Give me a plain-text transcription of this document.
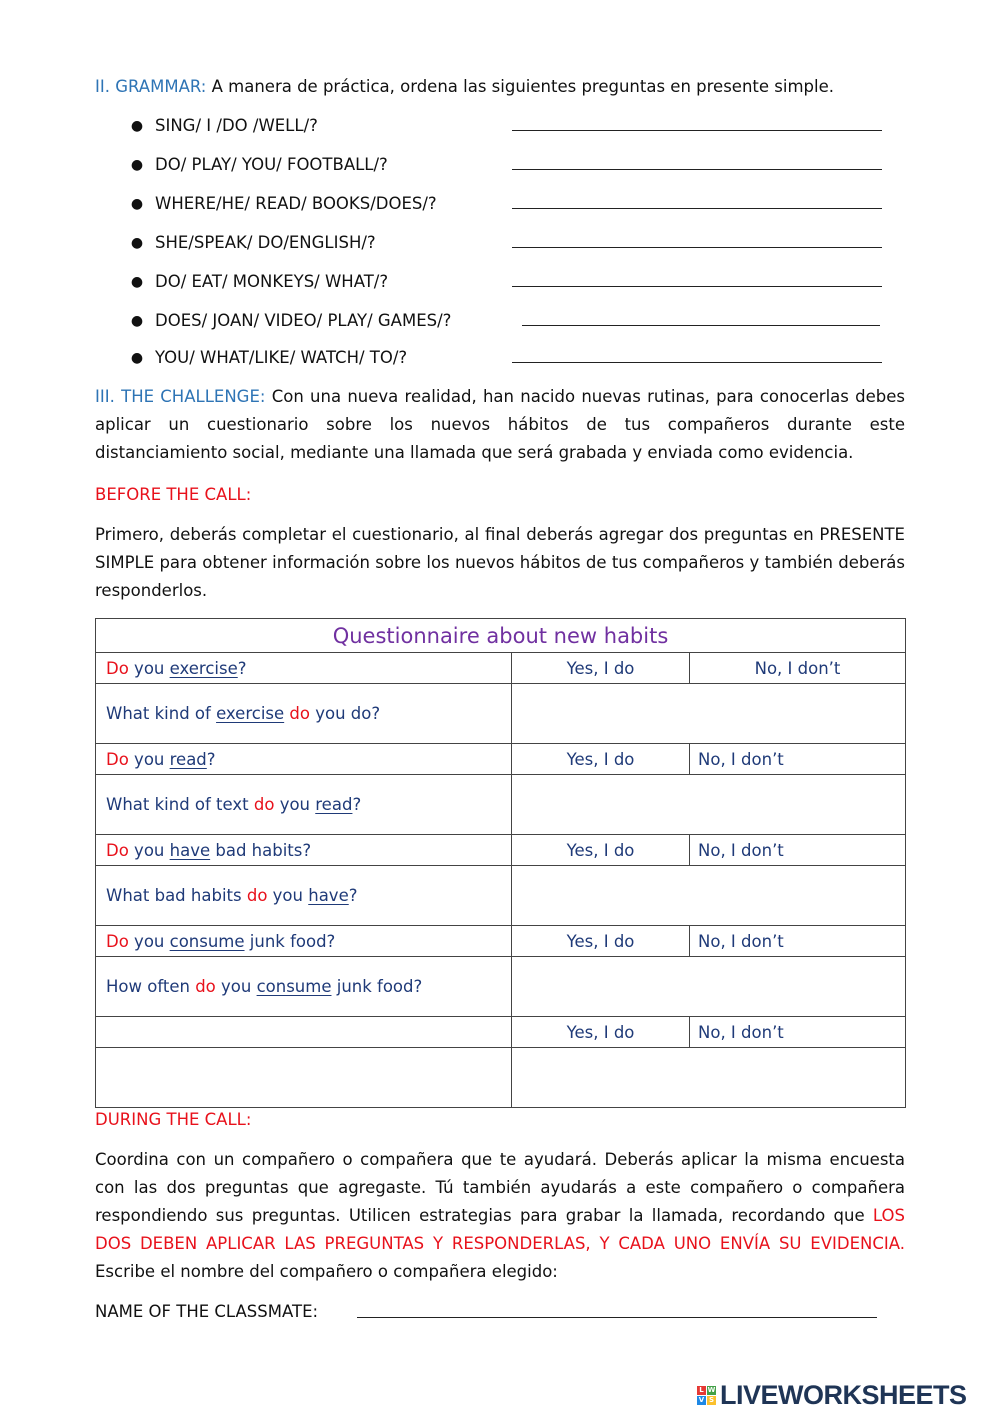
II. GRAMMAR: A manera de práctica, ordena las siguientes preguntas en presente simple.
● SING/ I /DO /WELL/?
● DO/ PLAY/ YOU/ FOOTBALL/?
● WHERE/HE/ READ/ BOOKS/DOES/?
● SHE/SPEAK/ DO/ENGLISH/?
● DO/ EAT/ MONKEYS/ WHAT/?
● DOES/ JOAN/ VIDEO/ PLAY/ GAMES/?
● YOU/ WHAT/LIKE/ WATCH/ TO/?
III. THE CHALLENGE: Con una nueva realidad, han nacido nuevas rutinas, para conocerlas debes aplicar un cuestionario sobre los nuevos hábitos de tus compañeros durante este distanciamiento social, mediante una llamada que será grabada y enviada como evidencia.
BEFORE THE CALL:
Primero, deberás completar el cuestionario, al final deberás agregar dos preguntas en PRESENTE SIMPLE para obtener información sobre los nuevos hábitos de tus compañeros y también deberás responderlos.
Questionnaire about new habits		
Do you exercise?	Yes, I do	No, I don’t
What kind of exercise do you do?		
Do you read?	Yes, I do	No, I don’t
What kind of text do you read?		
Do you have bad habits?	Yes, I do	No, I don’t
What bad habits do you have?		
Do you consume junk food?	Yes, I do	No, I don’t
How often do you consume junk food?		
	Yes, I do	No, I don’t

DURING THE CALL:
Coordina con un compañero o compañera que te ayudará. Deberás aplicar la misma encuesta con las dos preguntas que agregaste. Tú también ayudarás a este compañero o compañera respondiendo sus preguntas. Utilicen estrategias para grabar la llamada, recordando que LOS DOS DEBEN APLICAR LAS PREGUNTAS Y RESPONDERLAS, Y CADA UNO ENVÍA SU EVIDENCIA. Escribe el nombre del compañero o compañera elegido:
NAME OF THE CLASSMATE:
L W
V S LIVEWORKSHEETS
